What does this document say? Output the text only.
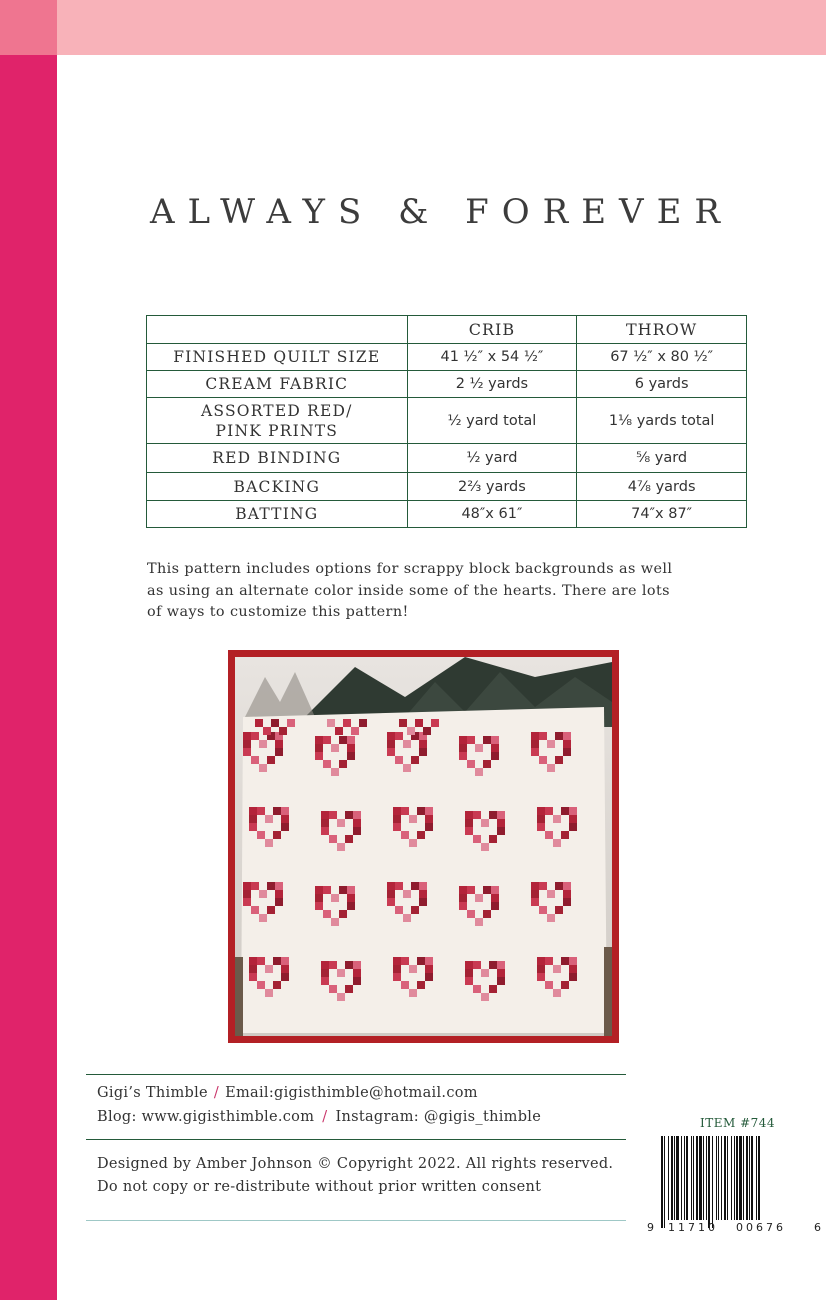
ALWAYS & FOREVER
	CRIB	THROW
FINISHED QUILT SIZE	41 ½″ x 54 ½″	67 ½″ x 80 ½″
CREAM FABRIC	2 ½ yards	6 yards

ASSORTED RED/
PINK PRINTS	½ yard total	1⅛ yards total
RED BINDING	½ yard	⅝ yard
BACKING	2⅔ yards	4⅞ yards
BATTING	48″x 61″	74″x 87″
This pattern includes options for scrappy block backgrounds as well
as using an alternate color inside some of the hearts. There are lots
of ways to customize this pattern!
Gigi’s Thimble / Email:gigisthimble@hotmail.com
Blog: www.gigisthimble.com / Instagram: @gigis_thimble
Designed by Amber Johnson © Copyright 2022. All rights reserved.
Do not copy or re-distribute without prior written consent
ITEM #744
9 11710 00676	6
